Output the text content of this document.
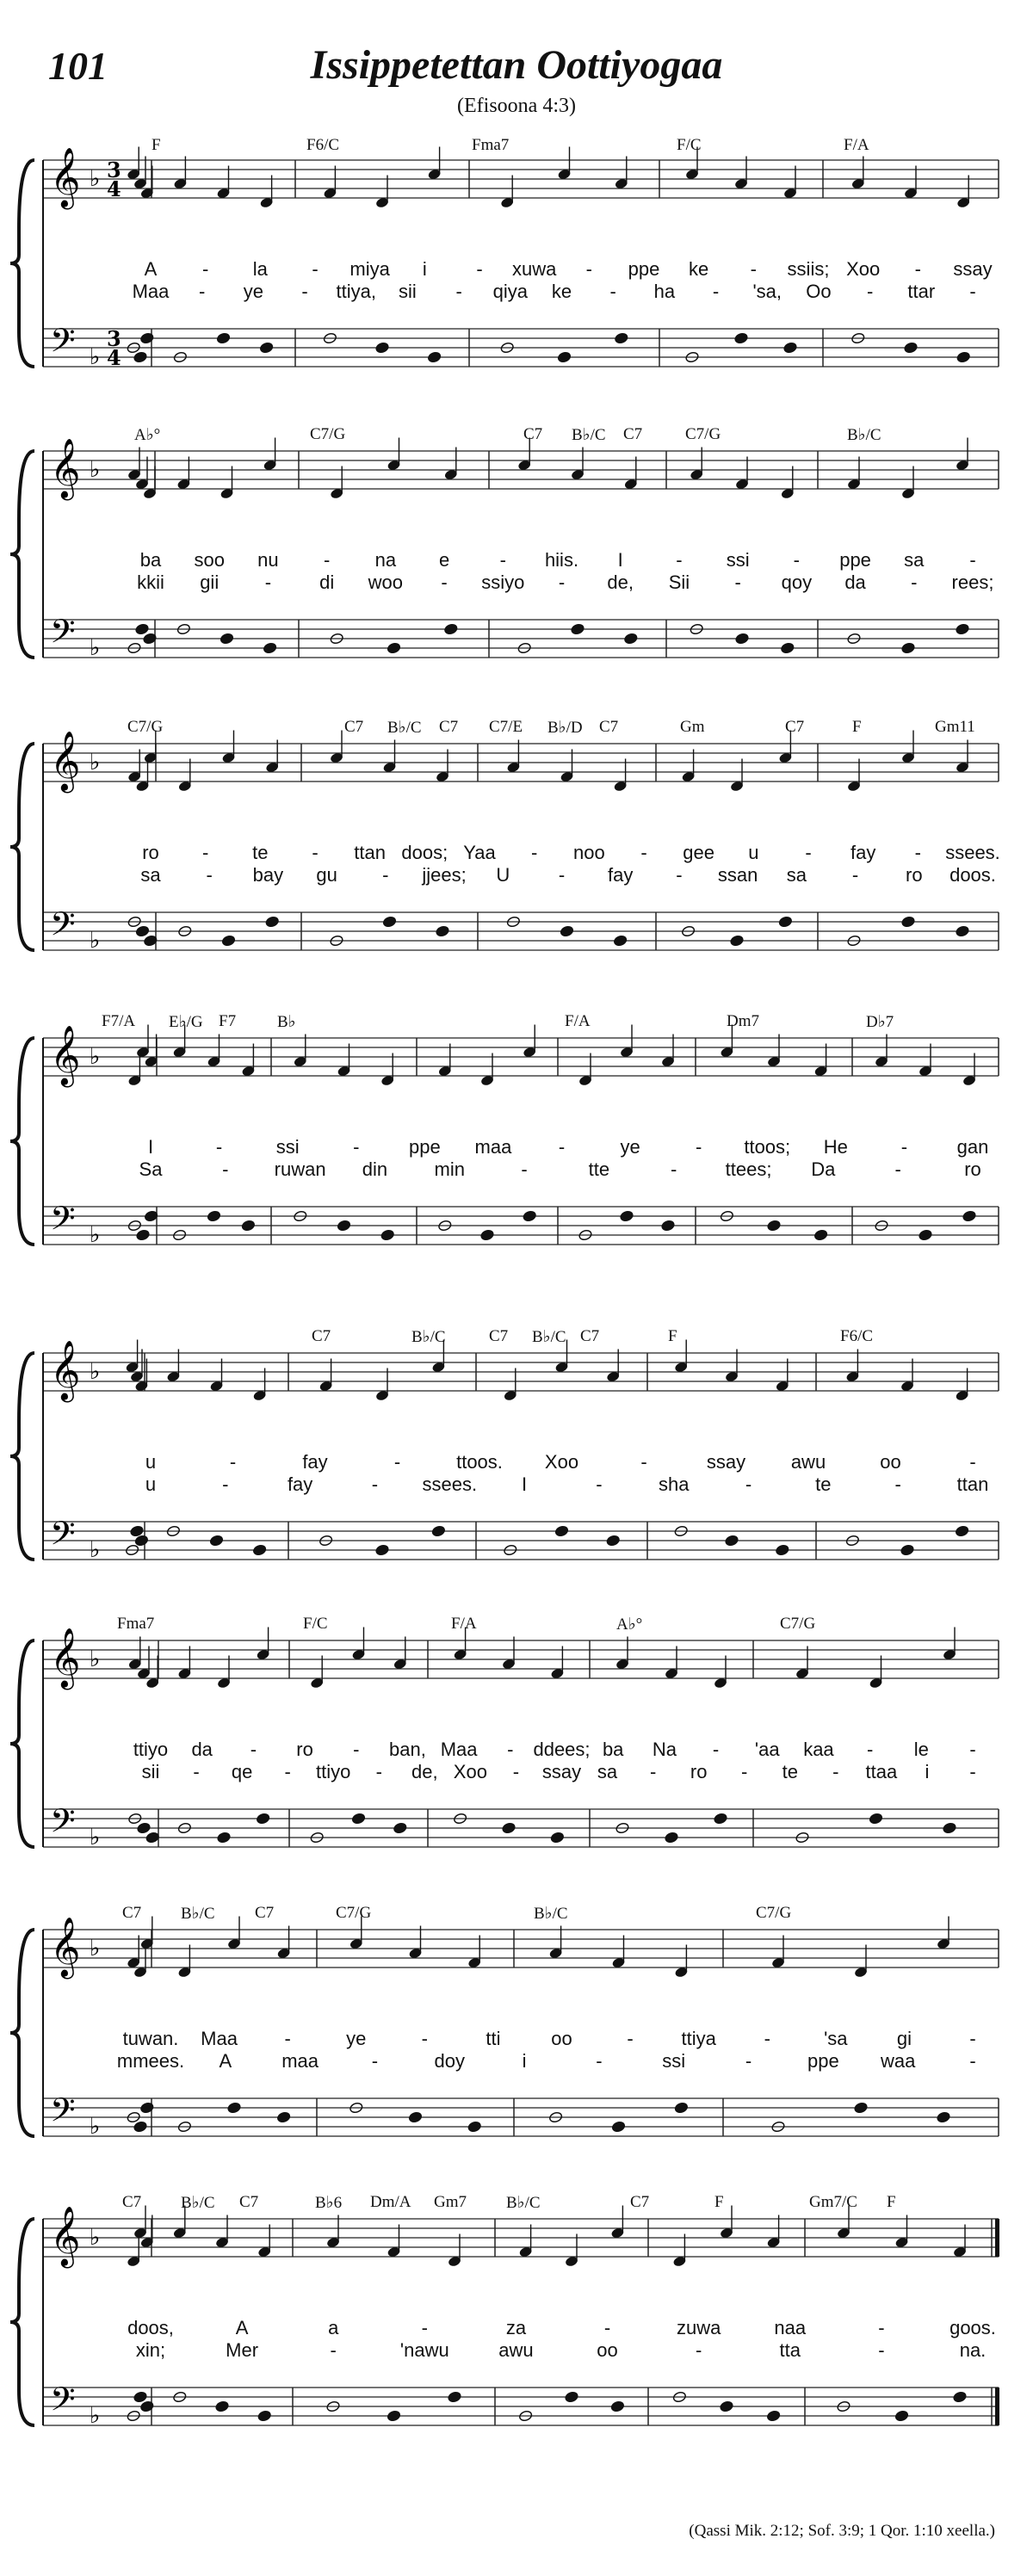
101	Issippetettan Oottiyogaa
(Efisoona 4:3)
𝄞
𝄢
♭
♭
3
4
3
4
F	F6/C	Fma7	F/C	F/A
A - la - miya i	- xuwa - ppe ke - ssiis; Xoo - ssay
Maa - ye - ttiya, sii - qiya ke - ha - 'sa, Oo - ttar -
𝄞
𝄢
♭
♭
A♭°	C7/G	C7 B♭/C C7	C7/G	B♭/C
ba soo nu - na e	- hiis. I	- ssi - ppe sa -
kkii gii -	di woo - ssiyo - de, Sii - qoy da - rees;
𝄞
𝄢
♭
♭
C7/G	C7 B♭/C C7 C7/E B♭/D C7	Gm	C7	F	Gm11
ro - te - ttan doos; Yaa - noo - gee u - fay - ssees.
sa - bay gu - jjees; U	- fay - ssan sa - ro doos.
𝄞
𝄢
♭
♭
F7/A E♭/G F7	B♭	F/A	Dm7	D♭7
I	-	ssi	-	ppe maa -	ye	- ttoos; He	-	gan
Sa	- ruwan din min	-	tte	-	ttees; Da	-	ro
𝄞
𝄢
♭
♭
C7	B♭/C	C7 B♭/C C7	F	F6/C
u	-	fay	-	ttoos. Xoo	-	ssay awu	oo	-
u	-	fay	- ssees. I	-	sha	-	te	-	ttan
𝄞
𝄢
♭
♭
Fma7	F/C	F/A	A♭°	C7/G
ttiyo da - ro - ban, Maa - ddees; ba Na - 'aa kaa - le -
sii - qe - ttiyo - de, Xoo - ssay sa - ro - te - ttaa i -
𝄞
𝄢
♭
♭
C7 B♭/C C7	C7/G	B♭/C	C7/G
tuwan. Maa -	ye	-	tti	oo	-	ttiya	-	'sa	gi	-
mmees. A	maa	-	doy	i	-	ssi	-	ppe waa	-
𝄞
𝄢
♭
♭
C7 B♭/C C7	B♭6 Dm/A Gm7 B♭/C	C7	F	Gm7/C F
doos,	A	a	-	za	-	zuwa	naa	-	goos.
xin;	Mer	-	'nawu	awu	oo	-	tta	-	na.
(Qassi Mik. 2:12; Sof. 3:9; 1 Qor. 1:10 xeella.)
